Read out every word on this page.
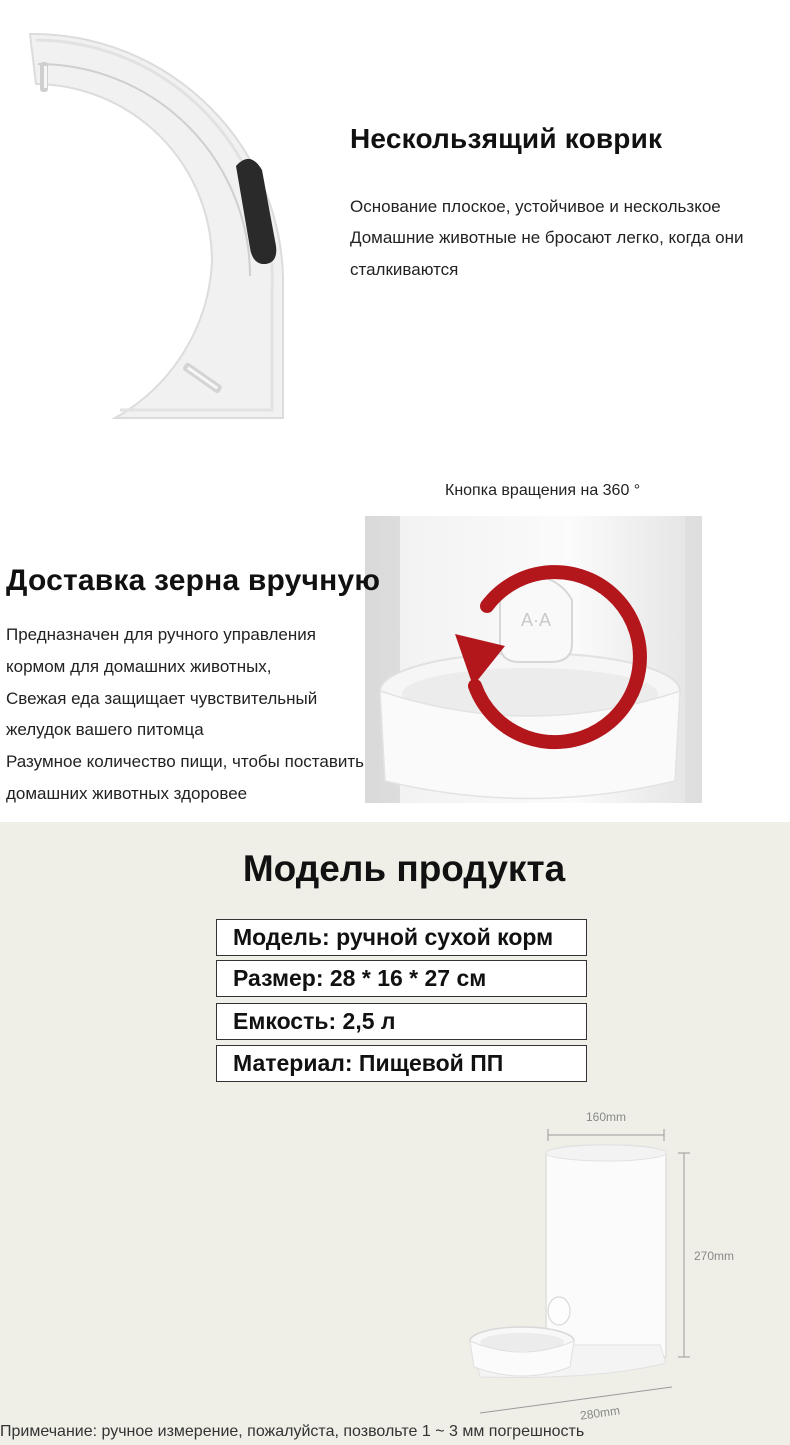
Нескользящий коврик
Основание плоское, устойчивое и нескользкое
Домашние животные не бросают легко, когда они
сталкиваются
Кнопка вращения на 360 °
A·A
Доставка зерна вручную
Предназначен для ручного управления
кормом для домашних животных,
Свежая еда защищает чувствительный
желудок вашего питомца
Разумное количество пищи, чтобы поставить
домашних животных здоровее
Модель продукта
Модель: ручной сухой корм
Размер: 28 * 16 * 27 см
Емкость: 2,5 л
Материал: Пищевой ПП
160mm
270mm
280mm
Примечание: ручное измерение, пожалуйста, позвольте 1 ~ 3 мм погрешность
